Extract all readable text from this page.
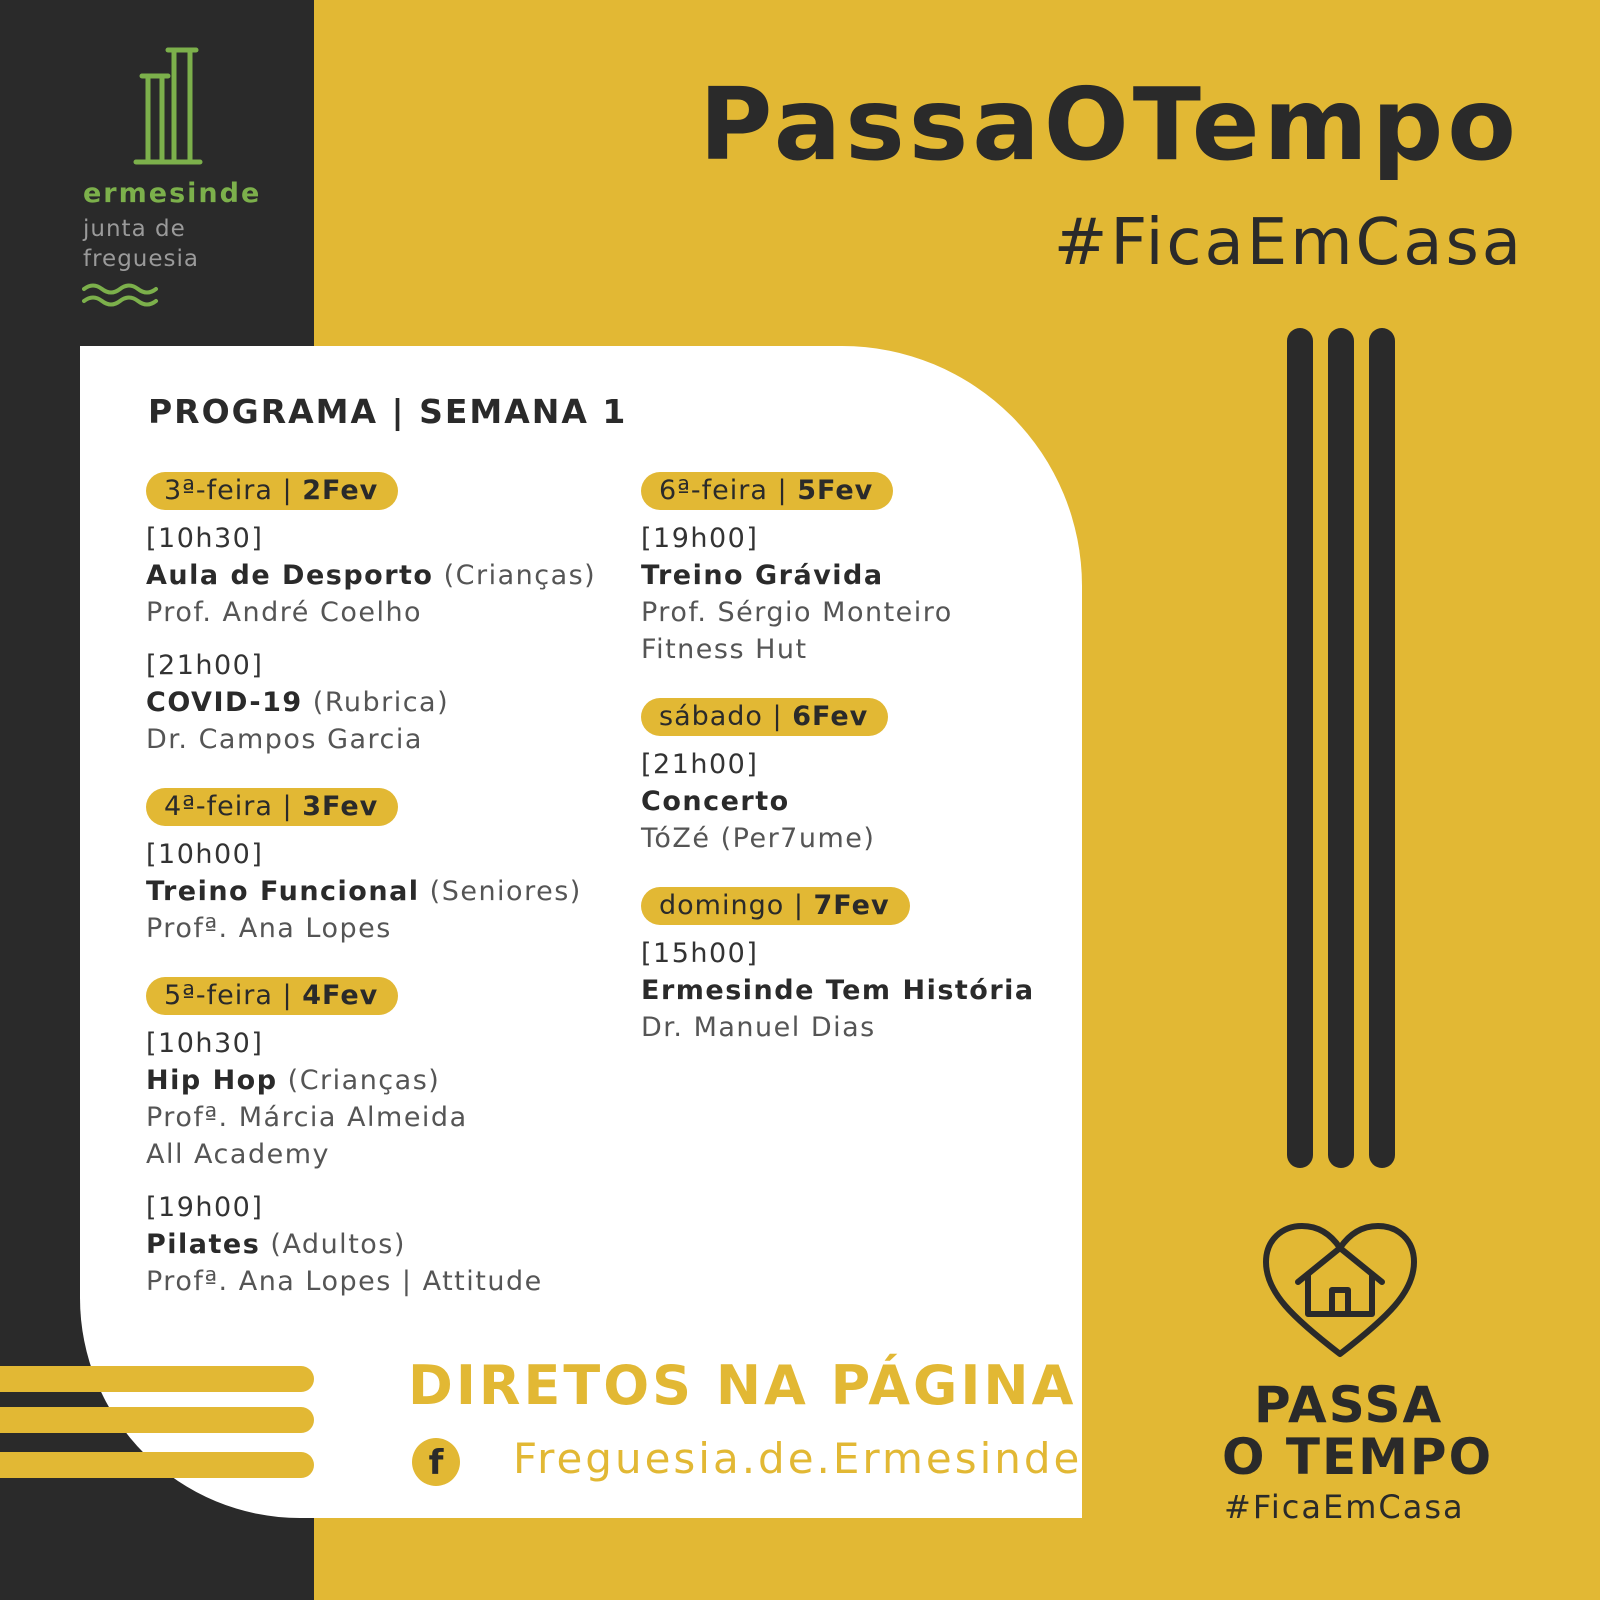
ermesinde
junta de
freguesia
PassaOTempo
#FicaEmCasa
PROGRAMA | SEMANA 1
3ª-feira | 2Fev
[10h30]
Aula de Desporto (Crianças)
Prof. André Coelho
[21h00]
COVID-19 (Rubrica)
Dr. Campos Garcia
4ª-feira | 3Fev
[10h00]
Treino Funcional (Seniores)
Profª. Ana Lopes
5ª-feira | 4Fev
[10h30]
Hip Hop (Crianças)
Profª. Márcia Almeida
All Academy
[19h00]
Pilates (Adultos)
Profª. Ana Lopes | Attitude
6ª-feira | 5Fev
[19h00]
Treino Grávida
Prof. Sérgio Monteiro
Fitness Hut
sábado | 6Fev
[21h00]
Concerto
TóZé (Per7ume)
domingo | 7Fev
[15h00]
Ermesinde Tem História
Dr. Manuel Dias
DIRETOS NA PÁGINA
f	Freguesia.de.Ermesinde
PASSA
O TEMPO
#FicaEmCasa
